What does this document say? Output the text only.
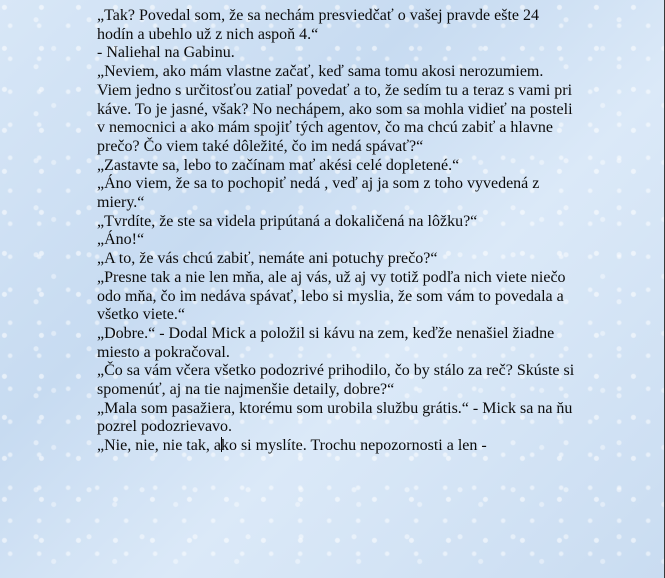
„Tak? Povedal som, že sa nechám presviedčať o vašej pravde ešte 24 hodín a ubehlo už z nich aspoň 4.“

- Naliehal na Gabinu.

„Neviem, ako mám vlastne začať, keď sama tomu akosi nerozumiem.

Viem jedno s určitosťou zatiaľ povedať a to, že sedím tu a teraz s vami pri káve. To je jasné, však? No nechápem, ako som sa mohla vidieť na posteli v nemocnici a ako mám spojiť tých agentov, čo ma chcú zabiť a hlavne prečo? Čo viem také dôležité, čo im nedá spávať?“

„Zastavte sa, lebo to začínam mať akési celé dopletené.“

„Áno viem, že sa to pochopiť nedá , veď aj ja som z toho vyvedená z miery.“

„Tvrdíte, že ste sa videla pripútaná a dokaličená na lôžku?“

„Áno!“

„A to, že vás chcú zabiť, nemáte ani potuchy prečo?“

„Presne tak a nie len mňa, ale aj vás, už aj vy totiž podľa nich viete niečo odo mňa, čo im nedáva spávať, lebo si myslia, že som vám to povedala a všetko viete.“

„Dobre.“ - Dodal Mick a položil si kávu na zem, keďže nenašiel žiadne miesto a pokračoval.

„Čo sa vám včera všetko podozrivé prihodilo, čo by stálo za reč? Skúste si spomenúť, aj na tie najmenšie detaily, dobre?“

„Mala som pasažiera, ktorému som urobila službu grátis.“ - Mick sa na ňu pozrel podozrievavo.

„Nie, nie, nie tak, ako si myslíte. Trochu nepozornosti a len -
